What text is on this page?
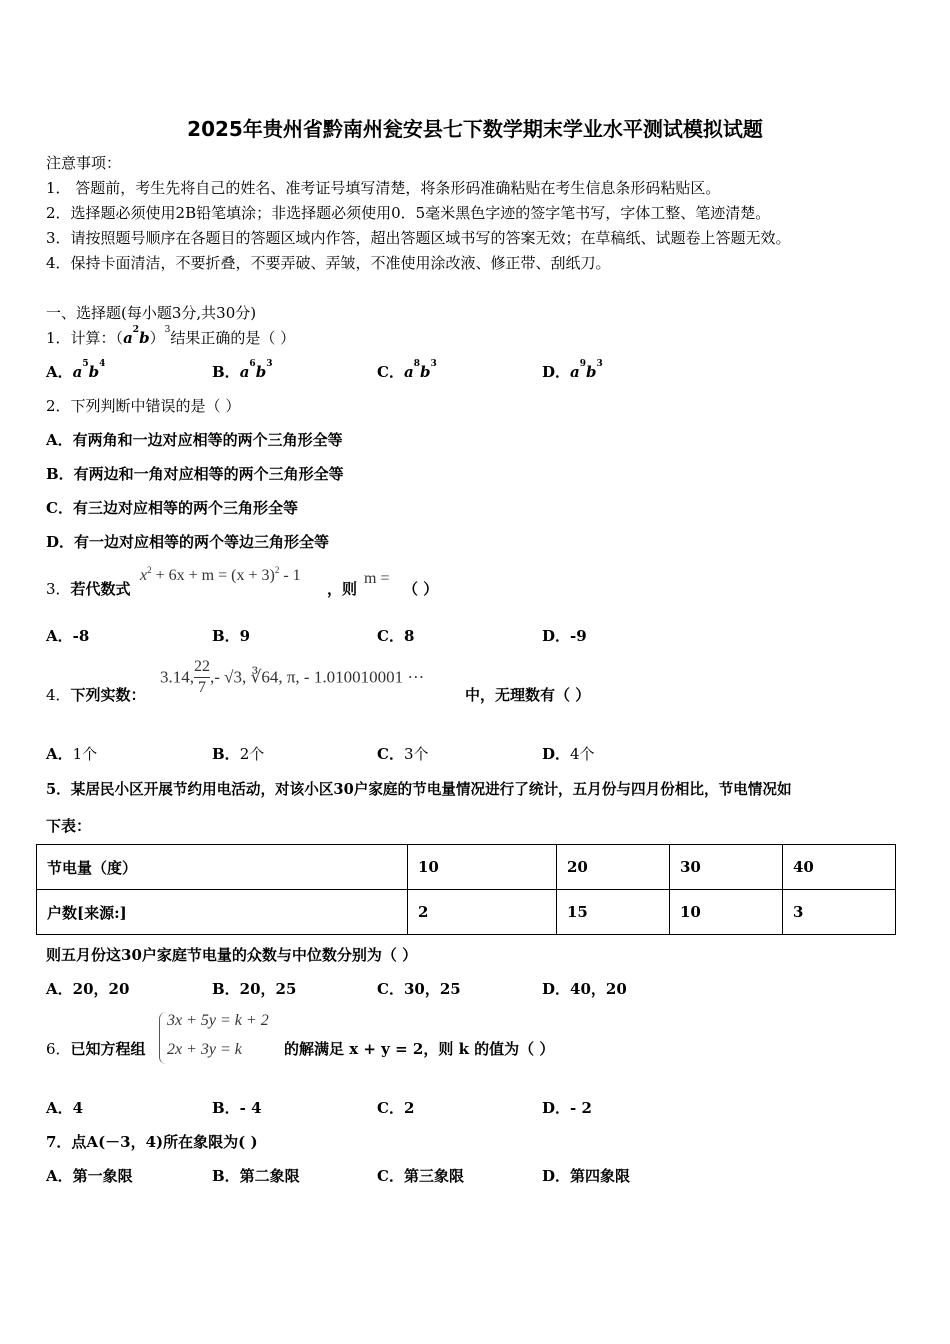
2025年贵州省黔南州瓮安县七下数学期末学业水平测试模拟试题
注意事项：
1． 答题前，考生先将自己的姓名、准考证号填写清楚，将条形码准确粘贴在考生信息条形码粘贴区。
2．选择题必须使用2B铅笔填涂；非选择题必须使用0．5毫米黑色字迹的签字笔书写，字体工整、笔迹清楚。
3．请按照题号顺序在各题目的答题区域内作答，超出答题区域书写的答案无效；在草稿纸、试题卷上答题无效。
4．保持卡面清洁，不要折叠，不要弄破、弄皱，不准使用涂改液、修正带、刮纸刀。
一、选择题(每小题3分,共30分)
1．计算：$(a^2b)^3$结果正确的是（ ）
A．$a^5b^4$	B．$a^6b^3$	C．$a^8b^3$	D．$a^9b^3$
2．下列判断中错误的是（ ）
A．有两角和一边对应相等的两个三角形全等
B．有两边和一角对应相等的两个三角形全等
C．有三边对应相等的两个三角形全等
D．有一边对应相等的两个等边三角形全等
3．若代数式
$x^2 + 6x + m = (x + 3)^2 - 1$
，则
m =
（ ）
A．-8	B．9	C．8	D．-9
4．下列实数：
3.14, $\frac{22}{7}$ ,- √3, ∛64, π, - 1.010010001 ···
中，无理数有（ ）
A．1个	B．2个	C．3个	D．4个
5．某居民小区开展节约用电活动，对该小区30户家庭的节电量情况进行了统计，五月份与四月份相比，节电情况如
下表：
节电量（度）	10	20	30	40
户数[来源:]	2	15	10	3
则五月份这30户家庭节电量的众数与中位数分别为（ ）
A．20，20	B．20，25	C．30，25	D．40，20
6．已知方程组
3x + 5y = k + 2
2x + 3y = k	的解满足 x + y = 2，则 k 的值为（ ）
A．4	B．- 4	C．2	D．- 2
7．点A(－3，4)所在象限为( )
A．第一象限	B．第二象限	C．第三象限	D．第四象限
